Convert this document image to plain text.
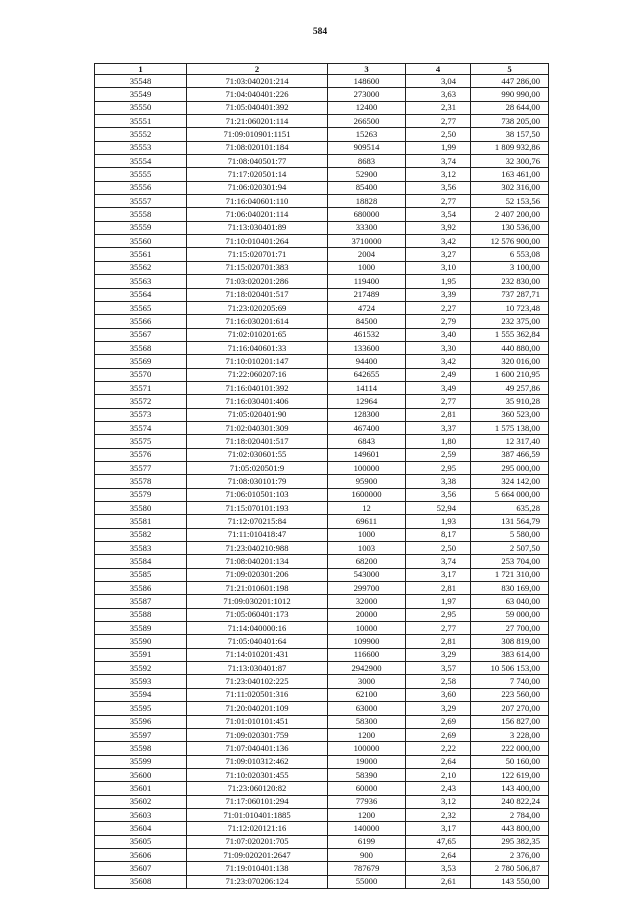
584
1	2	3	4	5
35548	71:03:040201:214	148600	3,04	447 286,00
35549	71:04:040401:226	273000	3,63	990 990,00
35550	71:05:040401:392	12400	2,31	28 644,00
35551	71:21:060201:114	266500	2,77	738 205,00
35552	71:09:010901:1151	15263	2,50	38 157,50
35553	71:08:020101:184	909514	1,99	1 809 932,86
35554	71:08:040501:77	8683	3,74	32 300,76
35555	71:17:020501:14	52900	3,12	163 461,00
35556	71:06:020301:94	85400	3,56	302 316,00
35557	71:16:040601:110	18828	2,77	52 153,56
35558	71:06:040201:114	680000	3,54	2 407 200,00
35559	71:13:030401:89	33300	3,92	130 536,00
35560	71:10:010401:264	3710000	3,42	12 576 900,00
35561	71:15:020701:71	2004	3,27	6 553,08
35562	71:15:020701:383	1000	3,10	3 100,00
35563	71:03:020201:286	119400	1,95	232 830,00
35564	71:18:020401:517	217489	3,39	737 287,71
35565	71:23:020205:69	4724	2,27	10 723,48
35566	71:16:030201:614	84500	2,79	232 375,00
35567	71:02:010201:65	461532	3,40	1 555 362,84
35568	71:16:040601:33	133600	3,30	440 880,00
35569	71:10:010201:147	94400	3,42	320 016,00
35570	71:22:060207:16	642655	2,49	1 600 210,95
35571	71:16:040101:392	14114	3,49	49 257,86
35572	71:16:030401:406	12964	2,77	35 910,28
35573	71:05:020401:90	128300	2,81	360 523,00
35574	71:02:040301:309	467400	3,37	1 575 138,00
35575	71:18:020401:517	6843	1,80	12 317,40
35576	71:02:030601:55	149601	2,59	387 466,59
35577	71:05:020501:9	100000	2,95	295 000,00
35578	71:08:030101:79	95900	3,38	324 142,00
35579	71:06:010501:103	1600000	3,56	5 664 000,00
35580	71:15:070101:193	12	52,94	635,28
35581	71:12:070215:84	69611	1,93	131 564,79
35582	71:11:010418:47	1000	8,17	5 580,00
35583	71:23:040210:988	1003	2,50	2 507,50
35584	71:08:040201:134	68200	3,74	253 704,00
35585	71:09:020301:206	543000	3,17	1 721 310,00
35586	71:21:010601:198	299700	2,81	830 169,00
35587	71:09:030201:1012	32000	1,97	63 040,00
35588	71:05:060401:173	20000	2,95	59 000,00
35589	71:14:040000:16	10000	2,77	27 700,00
35590	71:05:040401:64	109900	2,81	308 819,00
35591	71:14:010201:431	116600	3,29	383 614,00
35592	71:13:030401:87	2942900	3,57	10 506 153,00
35593	71:23:040102:225	3000	2,58	7 740,00
35594	71:11:020501:316	62100	3,60	223 560,00
35595	71:20:040201:109	63000	3,29	207 270,00
35596	71:01:010101:451	58300	2,69	156 827,00
35597	71:09:020301:759	1200	2,69	3 228,00
35598	71:07:040401:136	100000	2,22	222 000,00
35599	71:09:010312:462	19000	2,64	50 160,00
35600	71:10:020301:455	58390	2,10	122 619,00
35601	71:23:060120:82	60000	2,43	143 400,00
35602	71:17:060101:294	77936	3,12	240 822,24
35603	71:01:010401:1885	1200	2,32	2 784,00
35604	71:12:020121:16	140000	3,17	443 800,00
35605	71:07:020201:705	6199	47,65	295 382,35
35606	71:09:020201:2647	900	2,64	2 376,00
35607	71:19:010401:138	787679	3,53	2 780 506,87
35608	71:23:070206:124	55000	2,61	143 550,00
